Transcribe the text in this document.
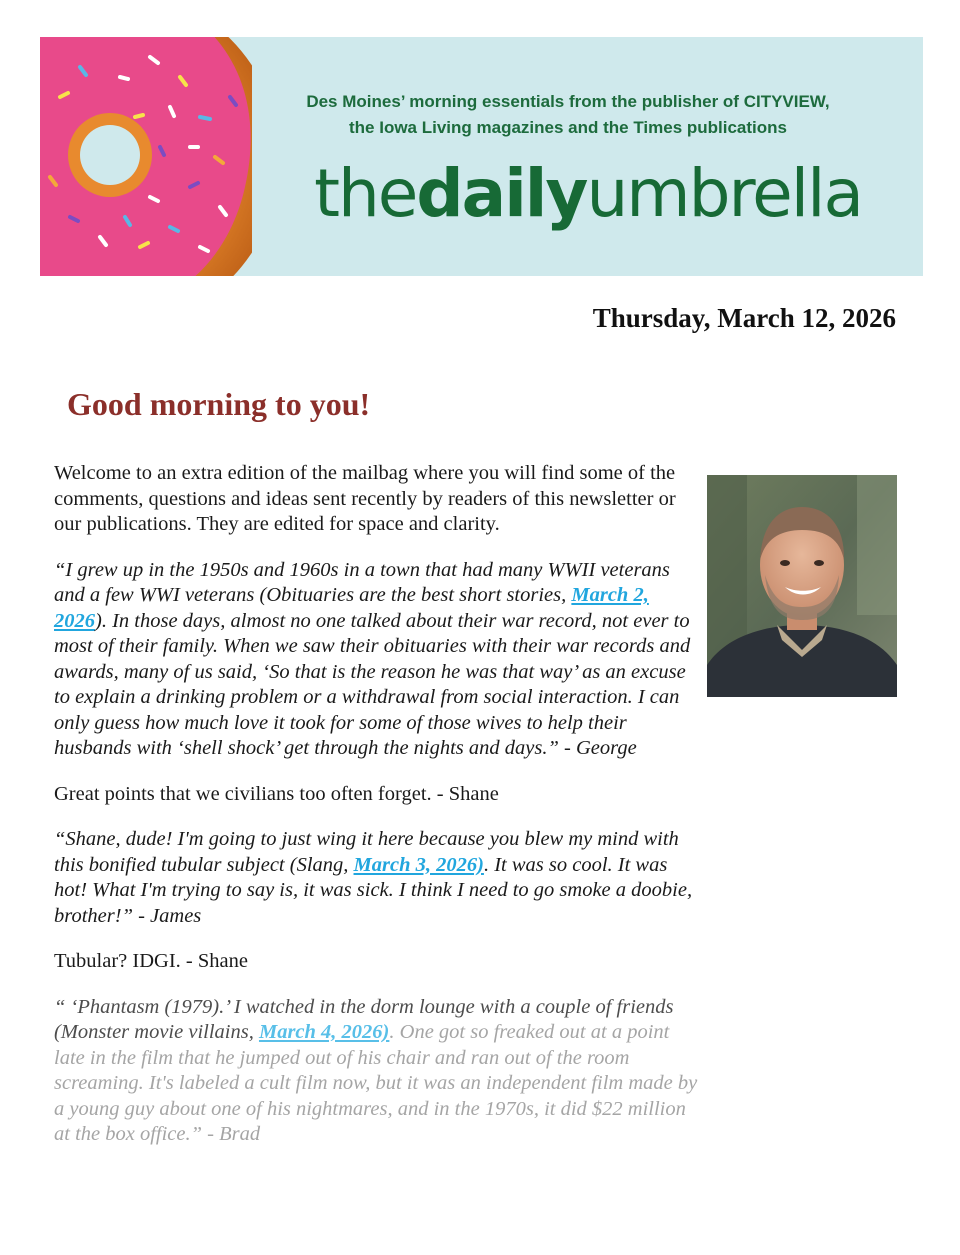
Des Moines’ morning essentials from the publisher of CITYVIEW,
the Iowa Living magazines and the Times publications
thedailyumbrella
Thursday, March 12, 2026
Good morning to you!

Welcome to an extra edition of the mailbag where you will find some of the comments, questions and ideas sent recently by readers of this newsletter or our publications. They are edited for space and clarity.

“I grew up in the 1950s and 1960s in a town that had many WWII veterans and a few WWI veterans (Obituaries are the best short stories, March 2, 2026). In those days, almost no one talked about their war record, not ever to most of their family. When we saw their obituaries with their war records and awards, many of us said, ‘So that is the reason he was that way’ as an excuse to explain a drinking problem or a withdrawal from social interaction. I can only guess how much love it took for some of those wives to help their husbands with ‘shell shock’ get through the nights and days.” - George

Great points that we civilians too often forget. - Shane

“Shane, dude! I'm going to just wing it here because you blew my mind with this bonified tubular subject (Slang, March 3, 2026). It was so cool. It was hot! What I'm trying to say is, it was sick. I think I need to go smoke a doobie, brother!” - James

Tubular? IDGI. - Shane

“ ‘Phantasm (1979).’ I watched in the dorm lounge with a couple of friends (Monster movie villains, March 4, 2026). One got so freaked out at a point late in the film that he jumped out of his chair and ran out of the room screaming. It's labeled a cult film now, but it was an independent film made by a young guy about one of his nightmares, and in the 1970s, it did $22 million at the box office.” - Brad
